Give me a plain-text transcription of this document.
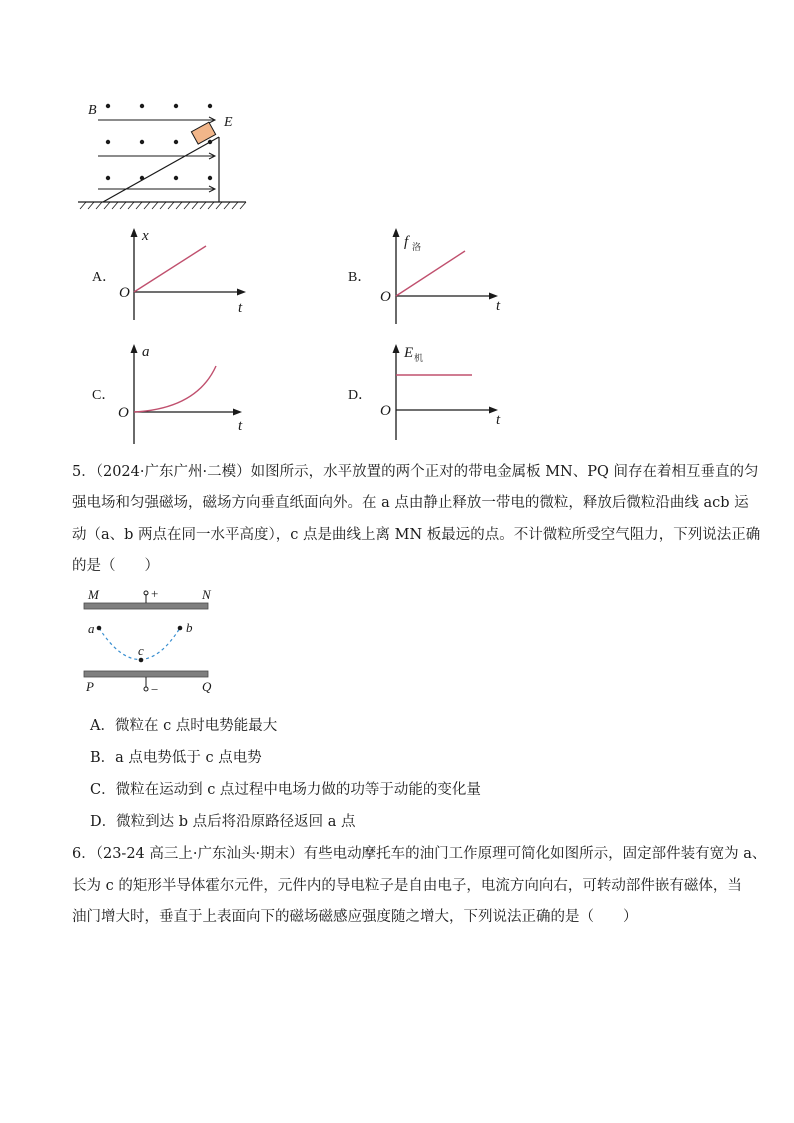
B
E
A．
x
O
t
B．
f 洛
O
t
C．
a
O
t
D．
E 机
O
t
5．（2024·广东广州·二模）如图所示，水平放置的两个正对的带电金属板 MN、PQ 间存在着相互垂直的匀
强电场和匀强磁场，磁场方向垂直纸面向外。在 a 点由静止释放一带电的微粒，释放后微粒沿曲线 acb 运
动（a、b 两点在同一水平高度），c 点是曲线上离 MN 板最远的点。不计微粒所受空气阻力，下列说法正确
的是（　　）
+
M	N
−
P	Q
a	b
c
A．微粒在 c 点时电势能最大
B．a 点电势低于 c 点电势
C．微粒在运动到 c 点过程中电场力做的功等于动能的变化量
D．微粒到达 b 点后将沿原路径返回 a 点
6．（23-24 高三上·广东汕头·期末）有些电动摩托车的油门工作原理可简化如图所示，固定部件装有宽为 a、
长为 c 的矩形半导体霍尔元件，元件内的导电粒子是自由电子，电流方向向右，可转动部件嵌有磁体，当
油门增大时，垂直于上表面向下的磁场磁感应强度随之增大，下列说法正确的是（　　）
